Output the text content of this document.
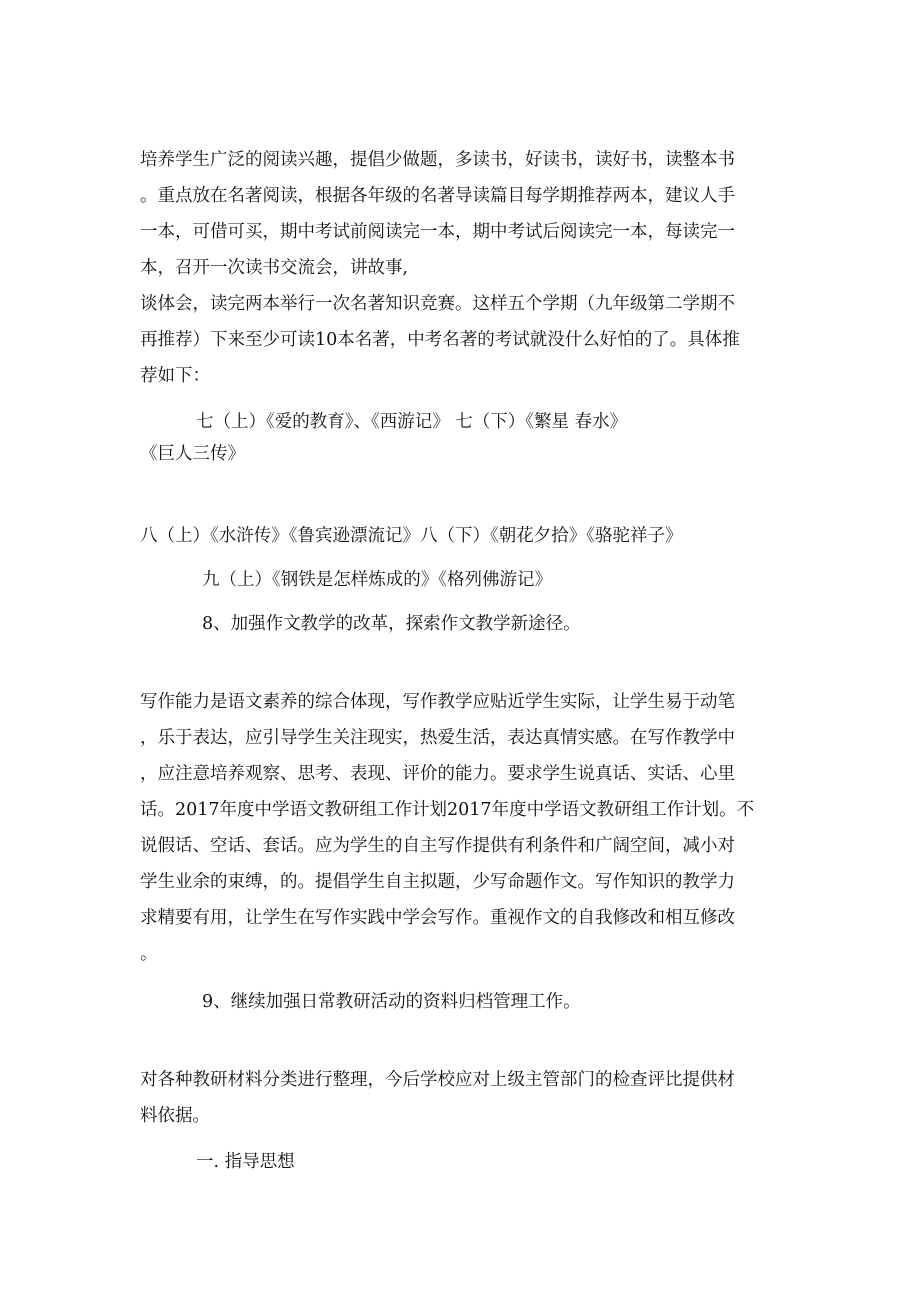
培养学生广泛的阅读兴趣，提倡少做题，多读书，好读书，读好书，读整本书

。重点放在名著阅读，根据各年级的名著导读篇目每学期推荐两本，建议人手

一本，可借可买，期中考试前阅读完一本，期中考试后阅读完一本，每读完一

本，召开一次读书交流会，讲故事,

谈体会，读完两本举行一次名著知识竞赛。这样五个学期（九年级第二学期不

再推荐）下来至少可读10本名著，中考名著的考试就没什么好怕的了。具体推

荐如下：

七（上）《爱的教育》、《西游记》 七（下）《繁星 春水》

《巨人三传》

八（上）《水浒传》《鲁宾逊漂流记》八（下）《朝花夕拾》《骆驼祥子》

九（上）《钢铁是怎样炼成的》《格列佛游记》

8、加强作文教学的改革，探索作文教学新途径。

写作能力是语文素养的综合体现，写作教学应贴近学生实际，让学生易于动笔

，乐于表达，应引导学生关注现实，热爱生活，表达真情实感。在写作教学中

，应注意培养观察、思考、表现、评价的能力。要求学生说真话、实话、心里

话。2017年度中学语文教研组工作计划2017年度中学语文教研组工作计划。不

说假话、空话、套话。应为学生的自主写作提供有利条件和广阔空间，减小对

学生业余的束缚，的。提倡学生自主拟题，少写命题作文。写作知识的教学力

求精要有用，让学生在写作实践中学会写作。重视作文的自我修改和相互修改

。

9、继续加强日常教研活动的资料归档管理工作。

对各种教研材料分类进行整理，今后学校应对上级主管部门的检查评比提供材

料依据。

一. 指导思想
